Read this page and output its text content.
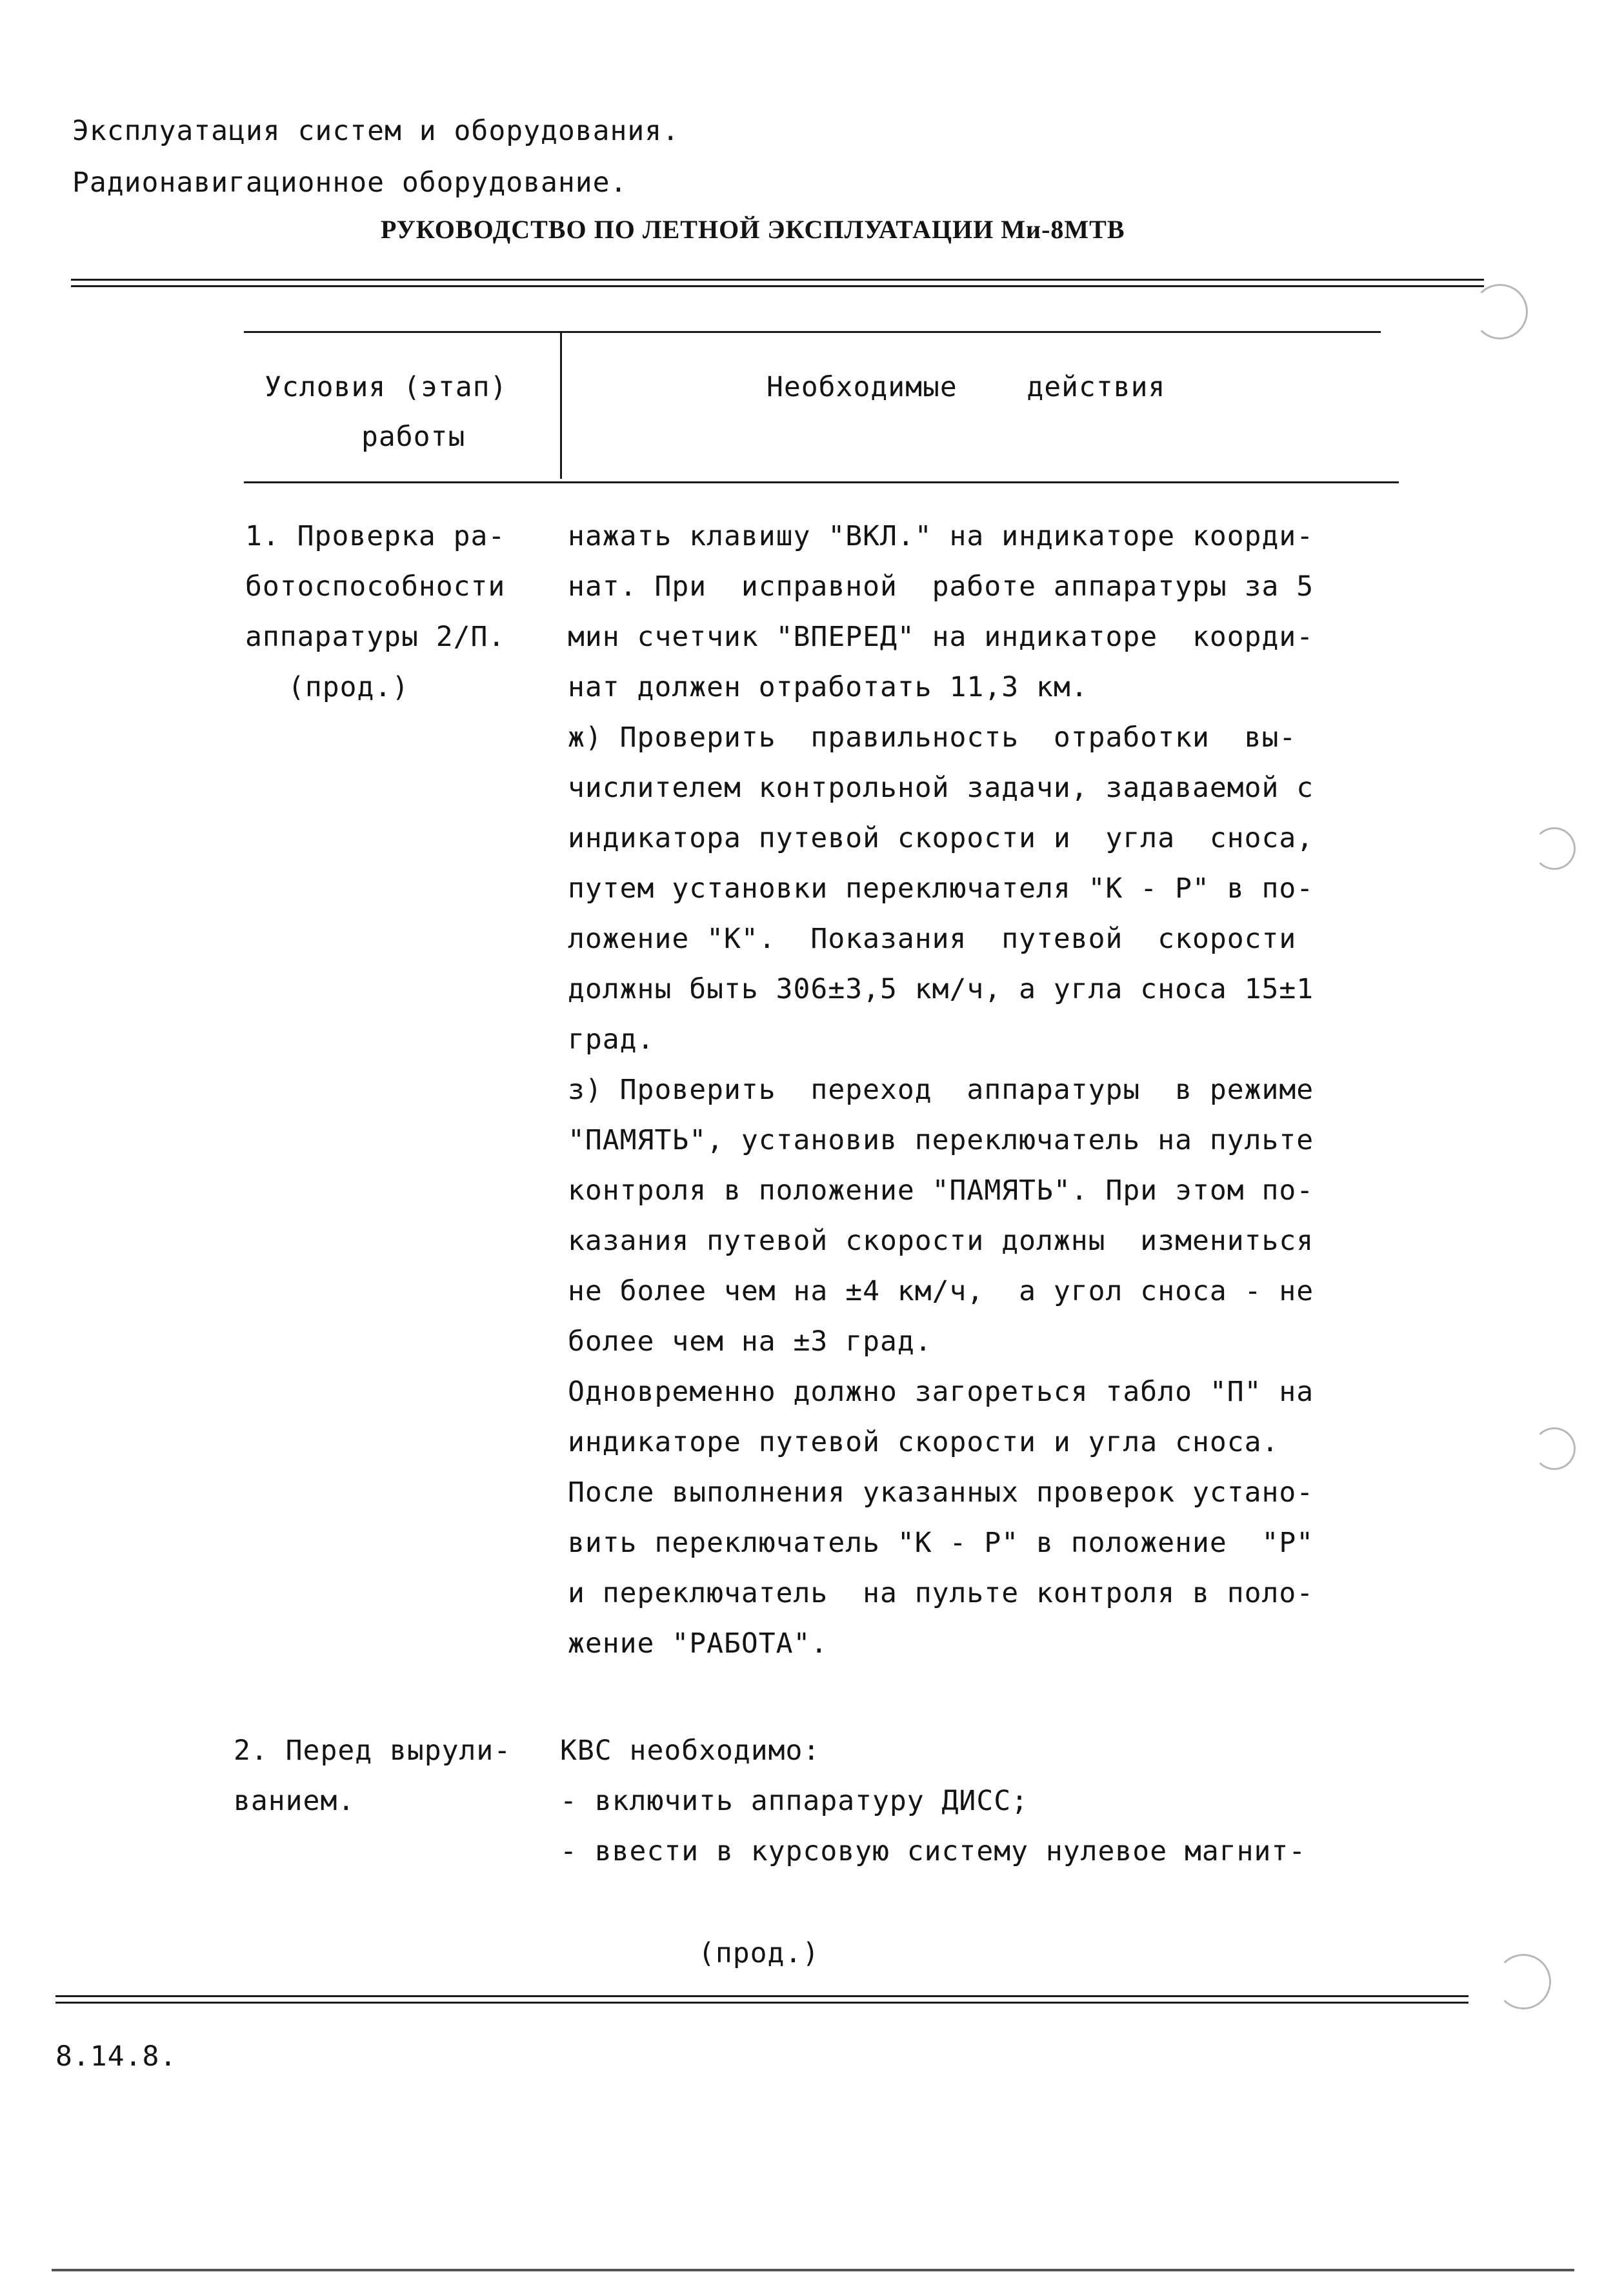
Эксплуатация систем и оборудования.
Радионавигационное оборудование.
РУКОВОДСТВО ПО ЛЕТНОЙ ЭКСПЛУАТАЦИИ Ми-8МТВ
Условия (этап)
работы
Необходимые    действия
1. Проверка ра-
ботоспособности
аппаратуры 2/П.
(прод.)
нажать клавишу "ВКЛ." на индикаторе коорди-
нат. При  исправной  работе аппаратуры за 5
мин счетчик "ВПЕРЕД" на индикаторе  коорди-
нат должен отработать 11,3 км.
ж) Проверить  правильность  отработки  вы-
числителем контрольной задачи, задаваемой с
индикатора путевой скорости и  угла  сноса,
путем установки переключателя "К - Р" в по-
ложение "К".  Показания  путевой  скорости
должны быть 306±3,5 км/ч, а угла сноса 15±1
град.
з) Проверить  переход  аппаратуры  в режиме
"ПАМЯТЬ", установив переключатель на пульте
контроля в положение "ПАМЯТЬ". При этом по-
казания путевой скорости должны  измениться
не более чем на ±4 км/ч,  а угол сноса - не
более чем на ±3 град.
Одновременно должно загореться табло "П" на
индикаторе путевой скорости и угла сноса.
После выполнения указанных проверок устано-
вить переключатель "К - Р" в положение  "Р"
и переключатель  на пульте контроля в поло-
жение "РАБОТА".
2. Перед вырули-
ванием.
КВС необходимо:
- включить аппаратуру ДИСС;
- ввести в курсовую систему нулевое магнит-
(прод.)
8.14.8.
